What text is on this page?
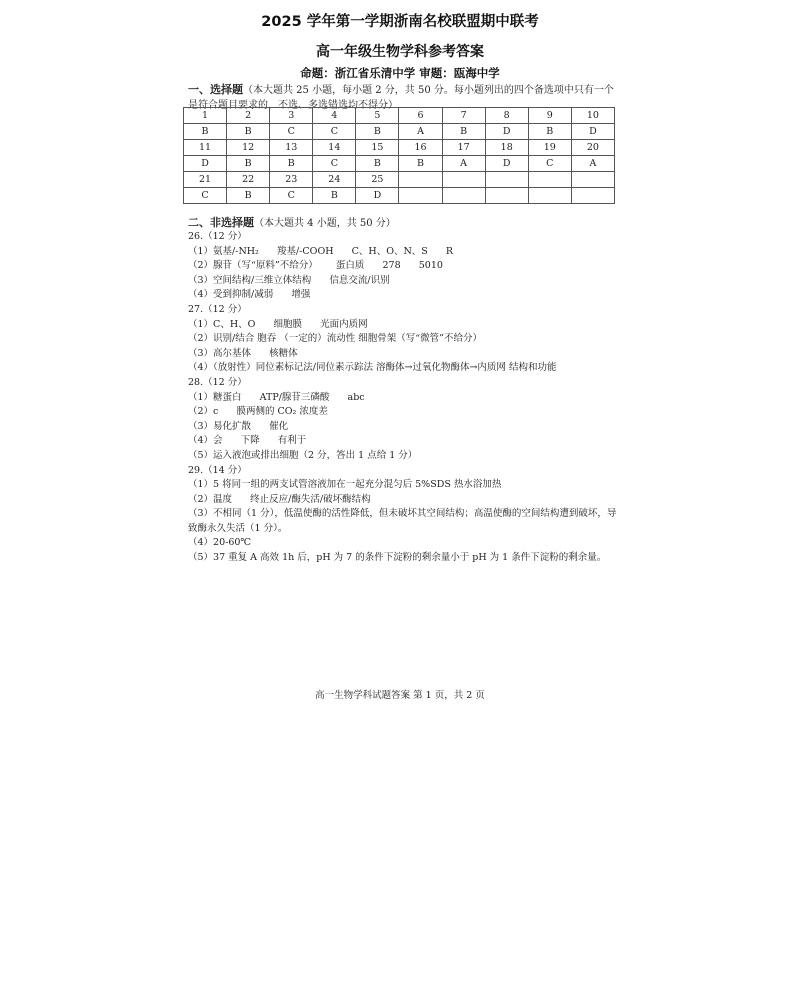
2025 学年第一学期浙南名校联盟期中联考
高一年级生物学科参考答案
命题：浙江省乐清中学 审题：瓯海中学
一、选择题（本大题共 25 小题，每小题 2 分，共 50 分。每小题列出的四个备选项中只有一个是符合题目要求的，不选、多选错选均不得分）
1	2	3	4	5	6	7	8	9	10
B	B	C	C	B	A	B	D	B	D
11	12	13	14	15	16	17	18	19	20
D	B	B	C	B	B	A	D	C	A
21	22	23	24	25					
C	B	C	B	D					
二、非选择题（本大题共 4 小题，共 50 分）
26.（12 分）
（1）氨基/-NH₂      羧基/-COOH      C、H、O、N、S      R
（2）腺苷（写“原料”不给分）      蛋白质      278      5010
（3）空间结构/三维立体结构      信息交流/识别
（4）受到抑制/减弱      增强
27.（12 分）
（1）C、H、O      细胞膜      光面内质网
（2）识别/结合 胞吞 （一定的）流动性 细胞骨架（写“微管”不给分）
（3）高尔基体      核糖体
（4）（放射性）同位素标记法/同位素示踪法 溶酶体→过氧化物酶体→内质网 结构和功能
28.（12 分）
（1）糖蛋白      ATP/腺苷三磷酸      abc
（2）c      膜两侧的 CO₂ 浓度差
（3）易化扩散      催化
（4）会      下降      有利于
（5）运入液泡或排出细胞（2 分，答出 1 点给 1 分）
29.（14 分）
（1）5 将同一组的两支试管溶液加在一起充分混匀后 5%SDS 热水浴加热
（2）温度      终止反应/酶失活/破坏酶结构
（3）不相同（1 分），低温使酶的活性降低，但未破坏其空间结构；高温使酶的空间结构遭到破坏，导致酶永久失活（1 分）。
（4）20-60℃
（5）37 重复 A 高效 1h 后，pH 为 7 的条件下淀粉的剩余量小于 pH 为 1 条件下淀粉的剩余量。
高一生物学科试题答案 第 1 页，共 2 页
